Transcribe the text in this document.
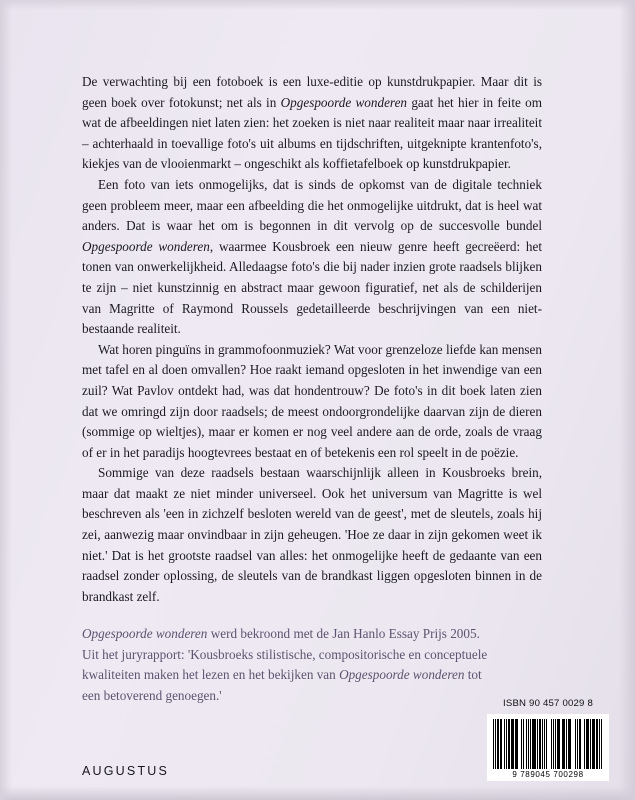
De verwachting bij een fotoboek is een luxe-editie op kunstdrukpapier. Maar dit is geen boek over fotokunst; net als in Opgespoorde wonderen gaat het hier in feite om wat de afbeeldingen niet laten zien: het zoeken is niet naar realiteit maar naar irrealiteit – achterhaald in toevallige foto's uit albums en tijdschriften, uitgeknipte krantenfoto's, kiekjes van de vlooienmarkt – ongeschikt als koffietafelboek op kunstdrukpapier.

Een foto van iets onmogelijks, dat is sinds de opkomst van de digitale techniek geen probleem meer, maar een afbeelding die het onmogelijke uitdrukt, dat is heel wat anders. Dat is waar het om is begonnen in dit vervolg op de succesvolle bundel Opgespoorde wonderen, waarmee Kousbroek een nieuw genre heeft gecreëerd: het tonen van onwerkelijkheid. Alledaagse foto's die bij nader inzien grote raadsels blijken te zijn – niet kunstzinnig en abstract maar gewoon figuratief, net als de schilderijen van Magritte of Raymond Roussels gedetailleerde beschrijvingen van een niet-bestaande realiteit.

Wat horen pinguïns in grammofoonmuziek? Wat voor grenzeloze liefde kan mensen met tafel en al doen omvallen? Hoe raakt iemand opgesloten in het inwendige van een zuil? Wat Pavlov ontdekt had, was dat hondentrouw? De foto's in dit boek laten zien dat we omringd zijn door raadsels; de meest ondoorgrondelijke daarvan zijn de dieren (sommige op wieltjes), maar er komen er nog veel andere aan de orde, zoals de vraag of er in het paradijs hoogtevrees bestaat en of betekenis een rol speelt in de poëzie.

Sommige van deze raadsels bestaan waarschijnlijk alleen in Kousbroeks brein, maar dat maakt ze niet minder universeel. Ook het universum van Magritte is wel beschreven als 'een in zichzelf besloten wereld van de geest', met de sleutels, zoals hij zei, aanwezig maar onvindbaar in zijn geheugen. 'Hoe ze daar in zijn gekomen weet ik niet.' Dat is het grootste raadsel van alles: het onmogelijke heeft de gedaante van een raadsel zonder oplossing, de sleutels van de brandkast liggen opgesloten binnen in de brandkast zelf.

Opgespoorde wonderen werd bekroond met de Jan Hanlo Essay Prijs 2005.

Uit het juryrapport: 'Kousbroeks stilistische, compositorische en conceptuele

kwaliteiten maken het lezen en het bekijken van Opgespoorde wonderen tot

een betoverend genoegen.'

AUGUSTUS
ISBN 90 457 0029 8
9 789045 700298
